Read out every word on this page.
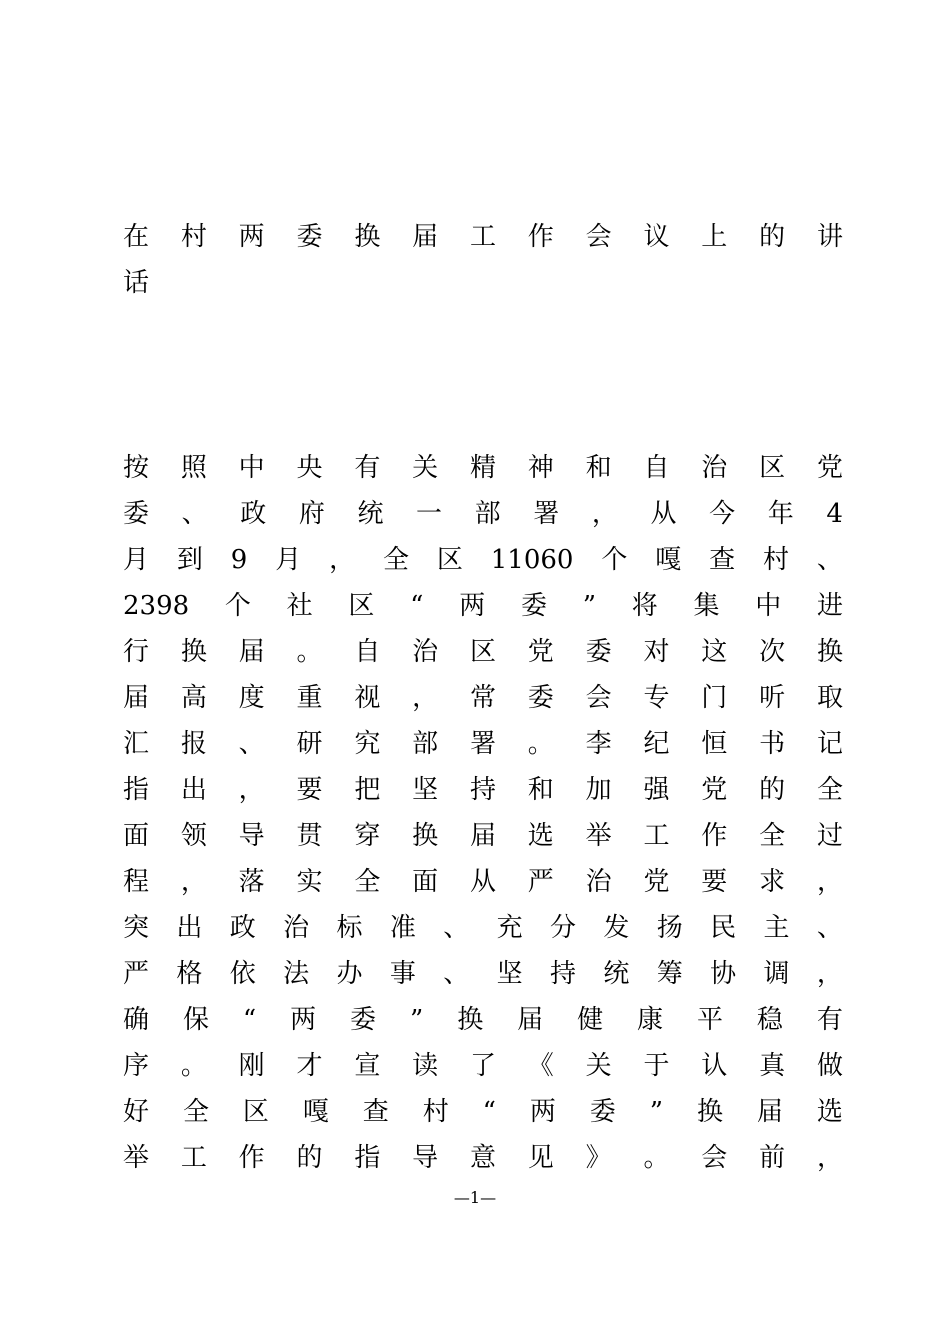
在 村 两 委 换 届 工 作 会 议 上 的 讲
话
按 照 中 央 有 关 精 神 和 自 治 区 党
委 、 政 府 统 一 部 署 ， 从 今 年 4
月 到 9 月 ， 全 区 11060 个 嘎 查 村 、
2398 个 社 区 “ 两 委 ” 将 集 中 进
行 换 届 。 自 治 区 党 委 对 这 次 换
届 高 度 重 视 ， 常 委 会 专 门 听 取
汇 报 、 研 究 部 署 。 李 纪 恒 书 记
指 出 ， 要 把 坚 持 和 加 强 党 的 全
面 领 导 贯 穿 换 届 选 举 工 作 全 过
程 ， 落 实 全 面 从 严 治 党 要 求 ，
突 出 政 治 标 准 、 充 分 发 扬 民 主 、
严 格 依 法 办 事 、 坚 持 统 筹 协 调 ，
确 保 “ 两 委 ” 换 届 健 康 平 稳 有
序 。 刚 才 宣 读 了 《 关 于 认 真 做
好 全 区 嘎 查 村 “ 两 委 ” 换 届 选
举 工 作 的 指 导 意 见 》 。 会 前 ，
—1—
